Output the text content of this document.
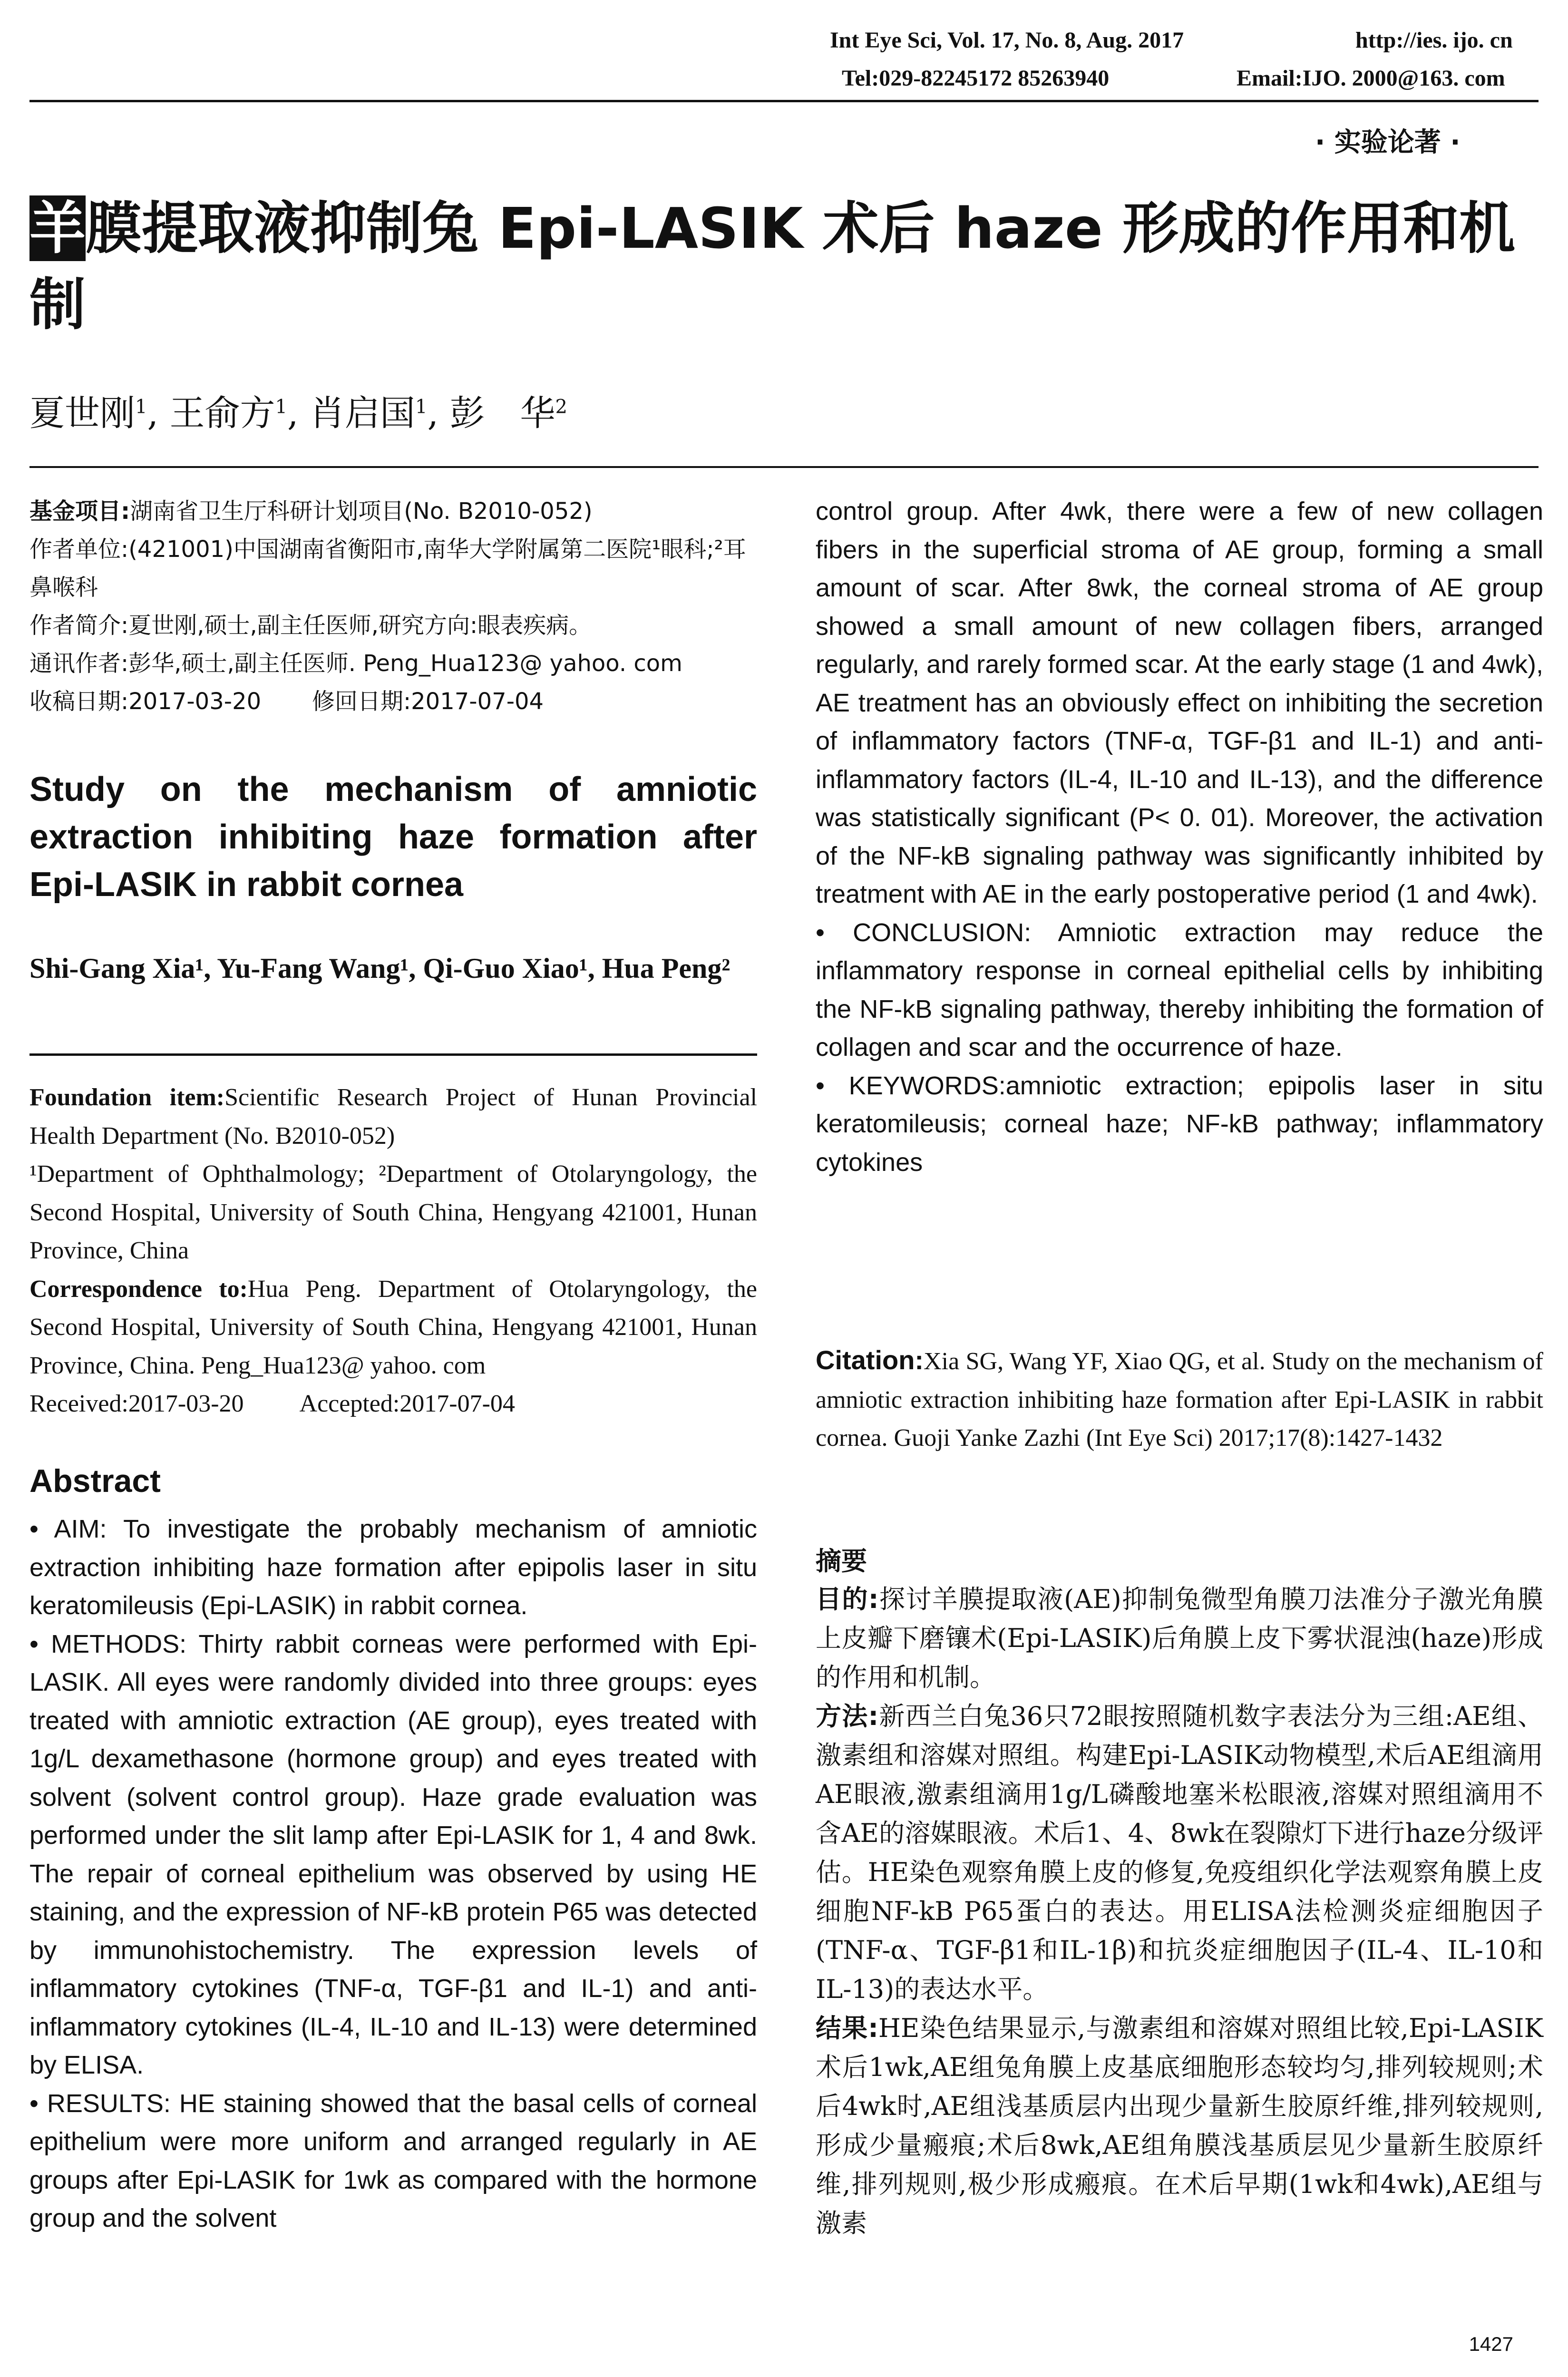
Int Eye Sci, Vol. 17, No. 8, Aug. 2017	http://ies. ijo. cn
Tel:029-82245172 85263940	Email:IJO. 2000@163. com
· 实验论著 ·
羊膜提取液抑制兔 Epi-LASIK 术后 haze 形成的作用和机制
夏世刚$^1$, 王俞方$^1$, 肖启国$^1$, 彭　华$^2$

基金项目:湖南省卫生厅科研计划项目(No. B2010-052)

作者单位:(421001)中国湖南省衡阳市,南华大学附属第二医院¹眼科;²耳鼻喉科

作者简介:夏世刚,硕士,副主任医师,研究方向:眼表疾病。

通讯作者:彭华,硕士,副主任医师. Peng_Hua123@ yahoo. com

收稿日期:2017-03-20 修回日期:2017-07-04

Study on the mechanism of amniotic extraction inhibiting haze formation after Epi-LASIK in rabbit cornea
Shi-Gang Xia¹, Yu-Fang Wang¹, Qi-Guo Xiao¹, Hua Peng²

Foundation item:Scientific Research Project of Hunan Provincial Health Department (No. B2010-052)

¹Department of Ophthalmology; ²Department of Otolaryngology, the Second Hospital, University of South China, Hengyang 421001, Hunan Province, China

Correspondence to:Hua Peng. Department of Otolaryngology, the Second Hospital, University of South China, Hengyang 421001, Hunan Province, China. Peng_Hua123@ yahoo. com

Received:2017-03-20 Accepted:2017-07-04

Abstract

• AIM: To investigate the probably mechanism of amniotic extraction inhibiting haze formation after epipolis laser in situ keratomileusis (Epi-LASIK) in rabbit cornea.

• METHODS: Thirty rabbit corneas were performed with Epi-LASIK. All eyes were randomly divided into three groups: eyes treated with amniotic extraction (AE group), eyes treated with 1g/L dexamethasone (hormone group) and eyes treated with solvent (solvent control group). Haze grade evaluation was performed under the slit lamp after Epi-LASIK for 1, 4 and 8wk. The repair of corneal epithelium was observed by using HE staining, and the expression of NF-kB protein P65 was detected by immunohistochemistry. The expression levels of inflammatory cytokines (TNF-α, TGF-β1 and IL-1) and anti-inflammatory cytokines (IL-4, IL-10 and IL-13) were determined by ELISA.

• RESULTS: HE staining showed that the basal cells of corneal epithelium were more uniform and arranged regularly in AE groups after Epi-LASIK for 1wk as compared with the hormone group and the solvent

control group. After 4wk, there were a few of new collagen fibers in the superficial stroma of AE group, forming a small amount of scar. After 8wk, the corneal stroma of AE group showed a small amount of new collagen fibers, arranged regularly, and rarely formed scar. At the early stage (1 and 4wk), AE treatment has an obviously effect on inhibiting the secretion of inflammatory factors (TNF-α, TGF-β1 and IL-1) and anti-inflammatory factors (IL-4, IL-10 and IL-13), and the difference was statistically significant (P< 0. 01). Moreover, the activation of the NF-kB signaling pathway was significantly inhibited by treatment with AE in the early postoperative period (1 and 4wk).

• CONCLUSION: Amniotic extraction may reduce the inflammatory response in corneal epithelial cells by inhibiting the NF-kB signaling pathway, thereby inhibiting the formation of collagen and scar and the occurrence of haze.

• KEYWORDS:amniotic extraction; epipolis laser in situ keratomileusis; corneal haze; NF-kB pathway; inflammatory cytokines

Citation:Xia SG, Wang YF, Xiao QG, et al. Study on the mechanism of amniotic extraction inhibiting haze formation after Epi-LASIK in rabbit cornea. Guoji Yanke Zazhi (Int Eye Sci) 2017;17(8):1427-1432
摘要

目的:探讨羊膜提取液(AE)抑制兔微型角膜刀法准分子激光角膜上皮瓣下磨镶术(Epi-LASIK)后角膜上皮下雾状混浊(haze)形成的作用和机制。

方法:新西兰白兔36只72眼按照随机数字表法分为三组:AE组、激素组和溶媒对照组。构建Epi-LASIK动物模型,术后AE组滴用AE眼液,激素组滴用1g/L磷酸地塞米松眼液,溶媒对照组滴用不含AE的溶媒眼液。术后1、4、8wk在裂隙灯下进行haze分级评估。HE染色观察角膜上皮的修复,免疫组织化学法观察角膜上皮细胞NF-kB P65蛋白的表达。用ELISA法检测炎症细胞因子(TNF-α、TGF-β1和IL-1β)和抗炎症细胞因子(IL-4、IL-10和IL-13)的表达水平。

结果:HE染色结果显示,与激素组和溶媒对照组比较,Epi-LASIK术后1wk,AE组兔角膜上皮基底细胞形态较均匀,排列较规则;术后4wk时,AE组浅基质层内出现少量新生胶原纤维,排列较规则,形成少量瘢痕;术后8wk,AE组角膜浅基质层见少量新生胶原纤维,排列规则,极少形成瘢痕。在术后早期(1wk和4wk),AE组与激素

1427
